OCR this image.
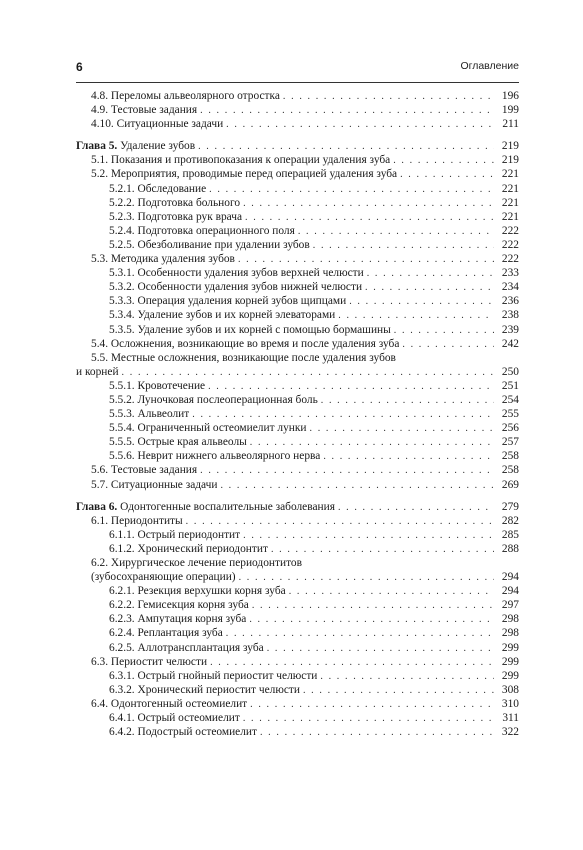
6	Оглавление
4.8. Переломы альвеолярного отростка . . .	196
4.9. Тестовые задания . . .	199
4.10. Ситуационные задачи . . .	211
Глава 5. Удаление зубов . . .	219
5.1. Показания и противопоказания к операции удаления зуба . . .	219
5.2. Мероприятия, проводимые перед операцией удаления зуба . . .	221
5.2.1. Обследование . . .	221
5.2.2. Подготовка больного . . .	221
5.2.3. Подготовка рук врача . . .	221
5.2.4. Подготовка операционного поля . . .	222
5.2.5. Обезболивание при удалении зубов . . .	222
5.3. Методика удаления зубов . . .	222
5.3.1. Особенности удаления зубов верхней челюсти . . .	233
5.3.2. Особенности удаления зубов нижней челюсти . . .	234
5.3.3. Операция удаления корней зубов щипцами . . .	236
5.3.4. Удаление зубов и их корней элеваторами . . .	238
5.3.5. Удаление зубов и их корней с помощью бормашины . . .	239
5.4. Осложнения, возникающие во время и после удаления зуба . . .	242
5.5. Местные осложнения, возникающие после удаления зубов
и корней . . .	250
5.5.1. Кровотечение . . .	251
5.5.2. Луночковая послеоперационная боль . . .	254
5.5.3. Альвеолит . . .	255
5.5.4. Ограниченный остеомиелит лунки . . .	256
5.5.5. Острые края альвеолы . . .	257
5.5.6. Неврит нижнего альвеолярного нерва . . .	258
5.6. Тестовые задания . . .	258
5.7. Ситуационные задачи . . .	269
Глава 6. Одонтогенные воспалительные заболевания . . .	279
6.1. Периодонтиты . . .	282
6.1.1. Острый периодонтит . . .	285
6.1.2. Хронический периодонтит . . .	288
6.2. Хирургическое лечение периодонтитов
(зубосохраняющие операции) . . .	294
6.2.1. Резекция верхушки корня зуба . . .	294
6.2.2. Гемисекция корня зуба . . .	297
6.2.3. Ампутация корня зуба . . .	298
6.2.4. Реплантация зуба . . .	298
6.2.5. Аллотрансплантация зуба . . .	299
6.3. Периостит челюсти . . .	299
6.3.1. Острый гнойный периостит челюсти . . .	299
6.3.2. Хронический периостит челюсти . . .	308
6.4. Одонтогенный остеомиелит . . .	310
6.4.1. Острый остеомиелит . . .	311
6.4.2. Подострый остеомиелит . . .	322
